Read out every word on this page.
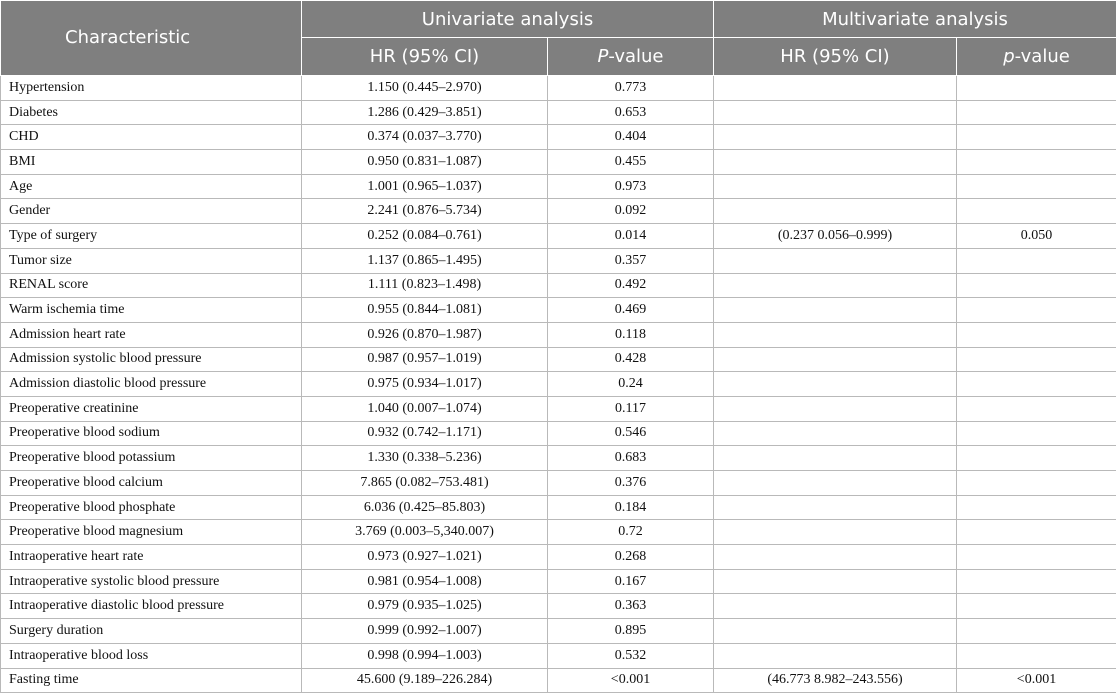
Characteristic	Univariate analysis		Multivariate analysis	
	HR (95% CI)	P-value	HR (95% CI)	p-value
Hypertension	1.150 (0.445–2.970)	0.773		
Diabetes	1.286 (0.429–3.851)	0.653		
CHD	0.374 (0.037–3.770)	0.404		
BMI	0.950 (0.831–1.087)	0.455		
Age	1.001 (0.965–1.037)	0.973		
Gender	2.241 (0.876–5.734)	0.092		
Type of surgery	0.252 (0.084–0.761)	0.014	(0.237 0.056–0.999)	0.050
Tumor size	1.137 (0.865–1.495)	0.357		
RENAL score	1.111 (0.823–1.498)	0.492		
Warm ischemia time	0.955 (0.844–1.081)	0.469		
Admission heart rate	0.926 (0.870–1.987)	0.118		
Admission systolic blood pressure	0.987 (0.957–1.019)	0.428		
Admission diastolic blood pressure	0.975 (0.934–1.017)	0.24		
Preoperative creatinine	1.040 (0.007–1.074)	0.117		
Preoperative blood sodium	0.932 (0.742–1.171)	0.546		
Preoperative blood potassium	1.330 (0.338–5.236)	0.683		
Preoperative blood calcium	7.865 (0.082–753.481)	0.376		
Preoperative blood phosphate	6.036 (0.425–85.803)	0.184		
Preoperative blood magnesium	3.769 (0.003–5,340.007)	0.72		
Intraoperative heart rate	0.973 (0.927–1.021)	0.268		
Intraoperative systolic blood pressure	0.981 (0.954–1.008)	0.167		
Intraoperative diastolic blood pressure	0.979 (0.935–1.025)	0.363		
Surgery duration	0.999 (0.992–1.007)	0.895		
Intraoperative blood loss	0.998 (0.994–1.003)	0.532		
Fasting time	45.600 (9.189–226.284)	<0.001	(46.773 8.982–243.556)	<0.001
